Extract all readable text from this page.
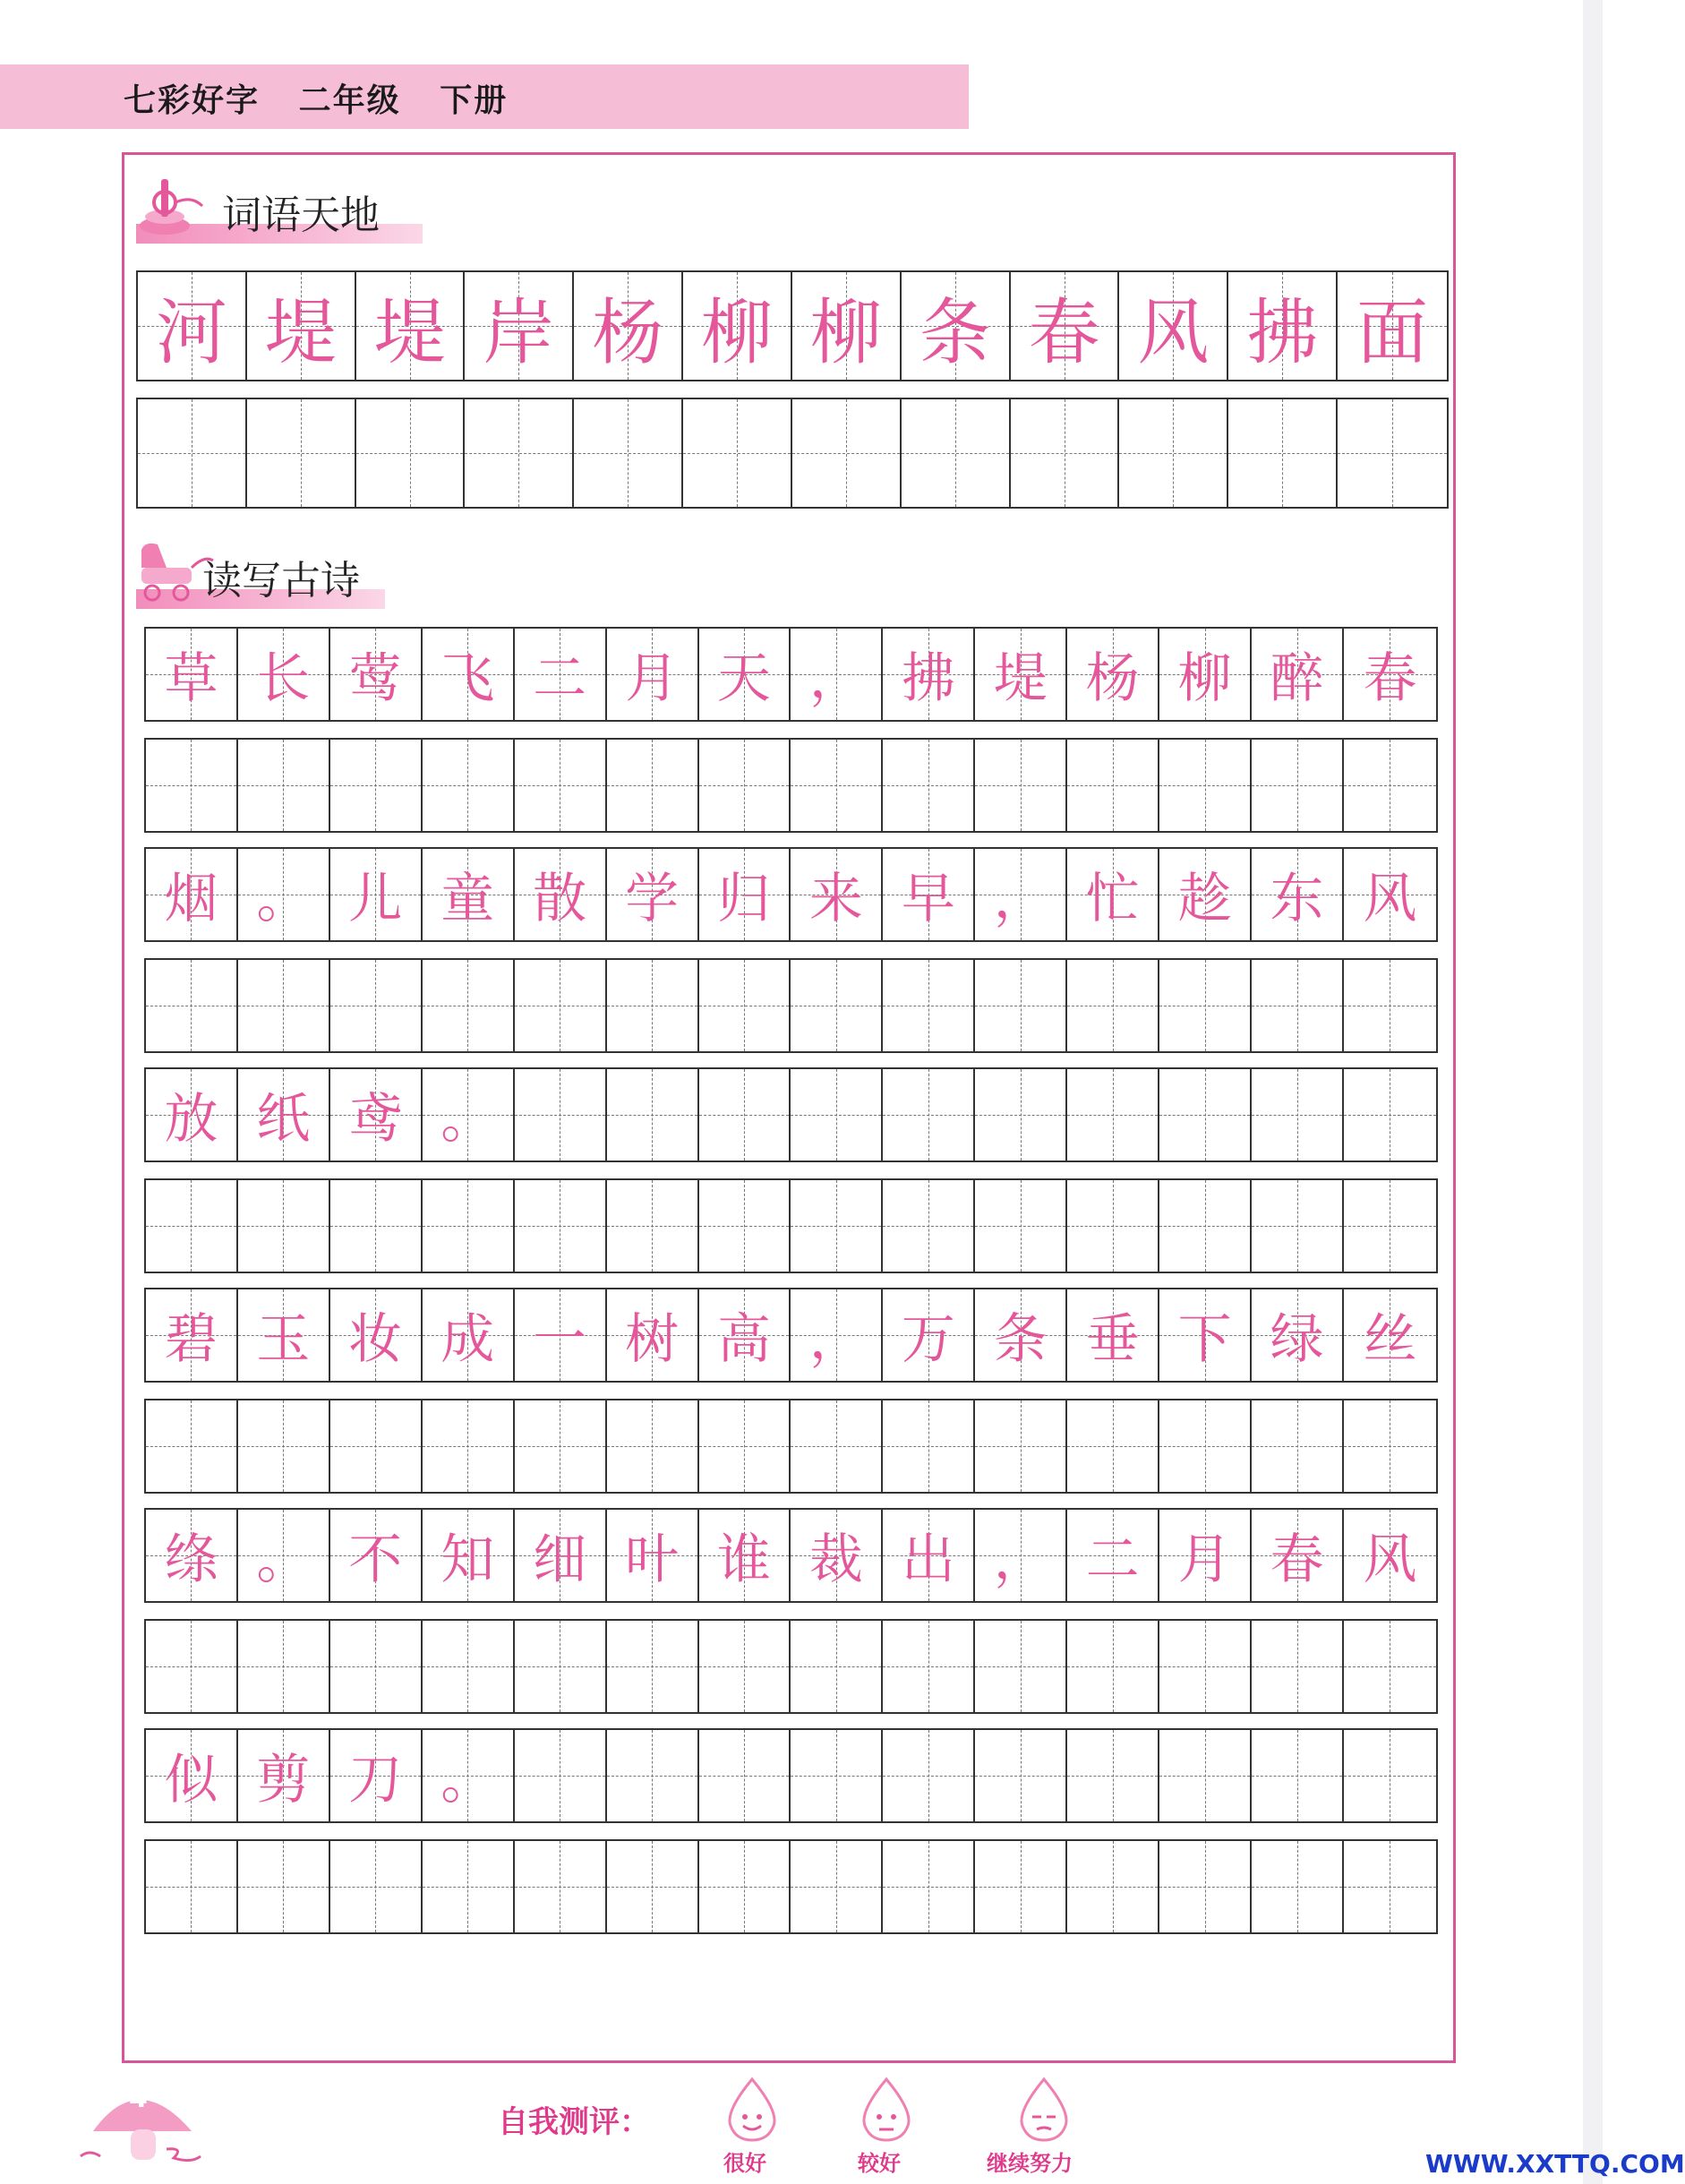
七彩好字   二年级   下册
词语天地
河 堤 堤 岸 杨 柳 柳 条 春 风 拂 面
读写古诗
草 长 莺 飞 二 月 天 ， 拂 堤 杨 柳 醉 春
烟 。 儿 童 散 学 归 来 早 ， 忙 趁 东 风
放 纸 鸢 。
碧 玉 妆 成 一 树 高 ， 万 条 垂 下 绿 丝
绦 。 不 知 细 叶 谁 裁 出 ， 二 月 春 风
似 剪 刀 。
4
自我测评：
很好	较好	继续努力	WWW.XXTTQ.COM
